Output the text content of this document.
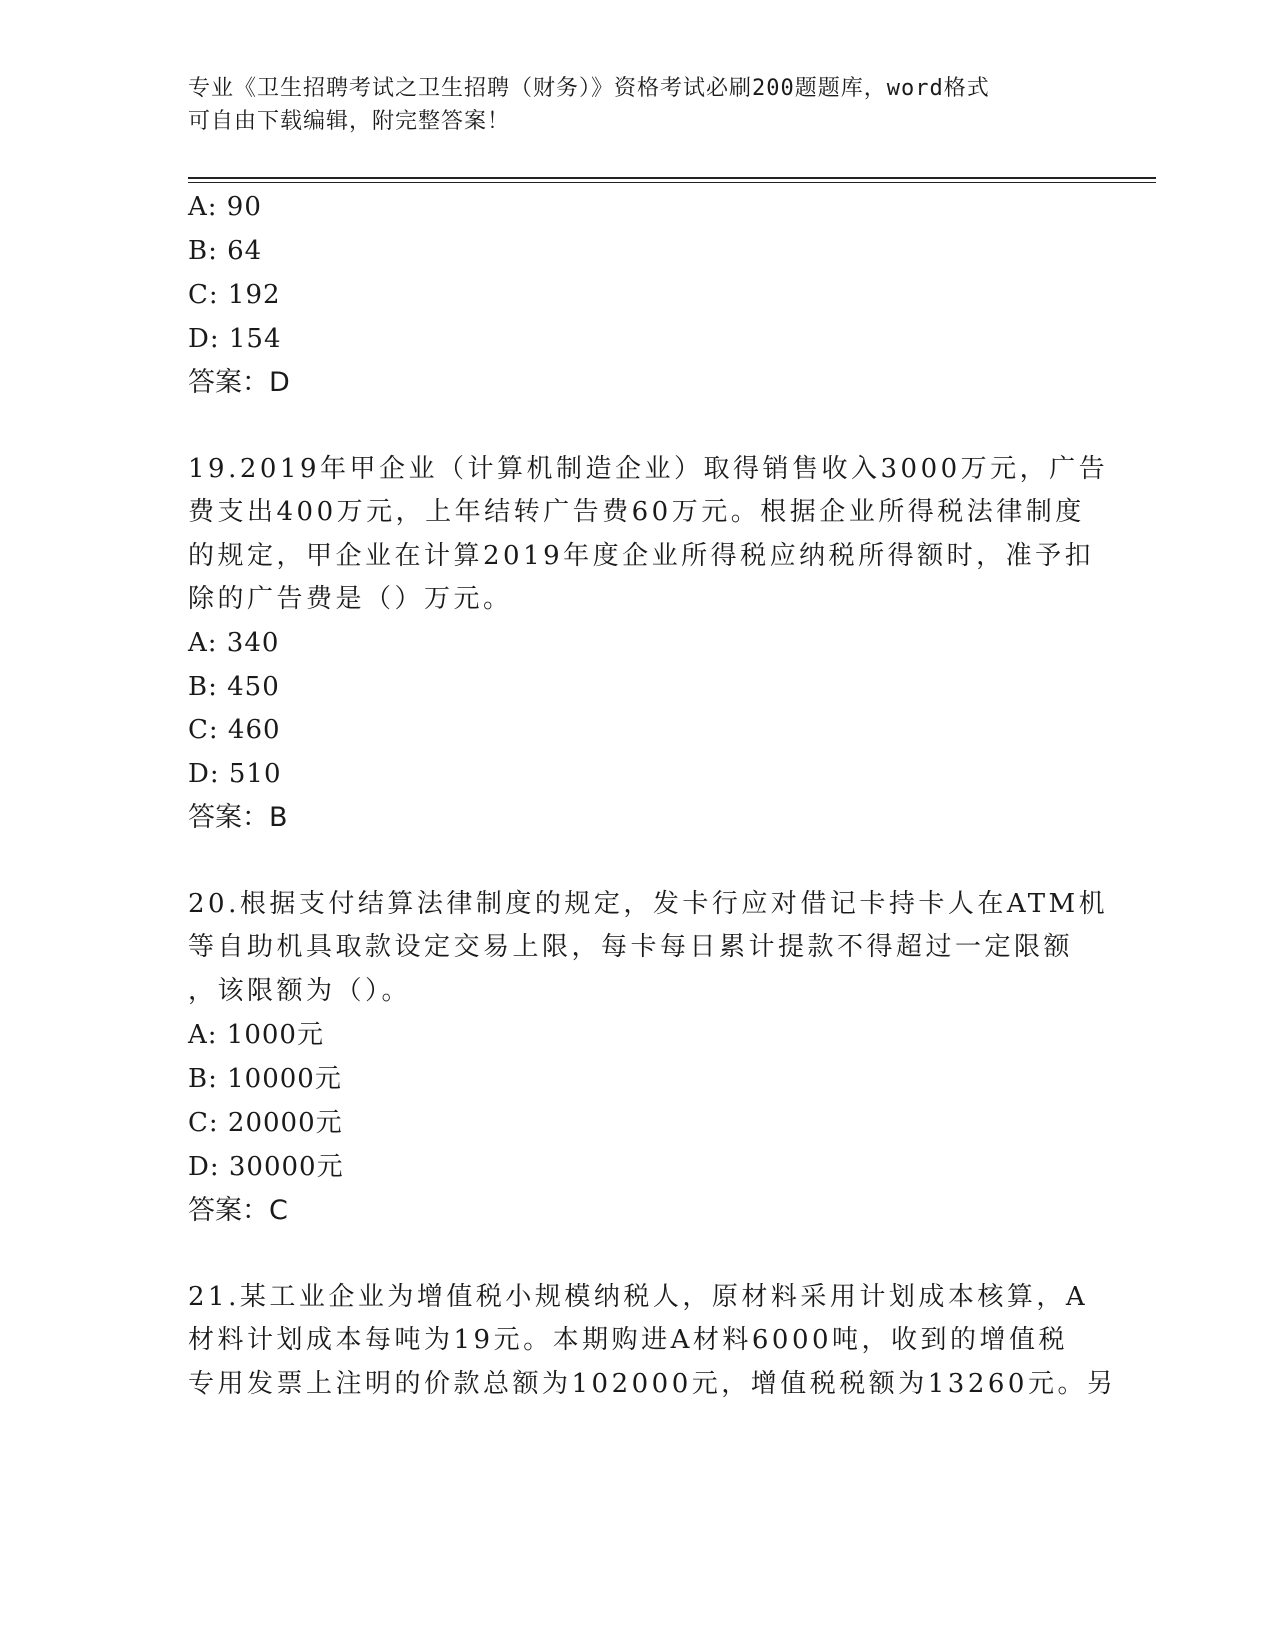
专业《卫生招聘考试之卫生招聘（财务）》资格考试必刷200题题库，word格式
可自由下载编辑，附完整答案！
A: 90
B: 64
C: 192
D: 154
答案：D
19.2019年甲企业（计算机制造企业）取得销售收入3000万元，广告
费支出400万元，上年结转广告费60万元。根据企业所得税法律制度
的规定，甲企业在计算2019年度企业所得税应纳税所得额时，准予扣
除的广告费是（）万元。
A: 340
B: 450
C: 460
D: 510
答案：B
20.根据支付结算法律制度的规定，发卡行应对借记卡持卡人在ATM机
等自助机具取款设定交易上限，每卡每日累计提款不得超过一定限额
，该限额为（）。
A: 1000元
B: 10000元
C: 20000元
D: 30000元
答案：C
21.某工业企业为增值税小规模纳税人，原材料采用计划成本核算，A
材料计划成本每吨为19元。本期购进A材料6000吨，收到的增值税
专用发票上注明的价款总额为102000元，增值税税额为13260元。另
